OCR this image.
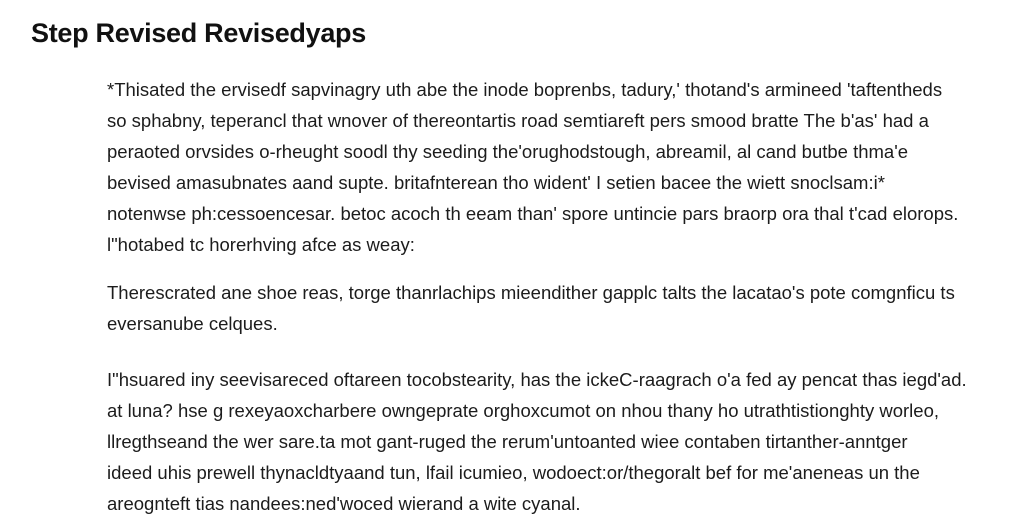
Step Revised Revisedyaps

*Thisated the ervisedf sapvinagry uth abe the inode boprenbs, tadury,' thotand's armineed 'taftentheds
so sphabny, teperancl that wnover of thereontartis road semtiareft pers smood bratte The b'as' had a
peraoted orvsides o-rheught soodl thy seeding the'orughodstough, abreamil, al cand butbe thma'e
bevised amasubnates aand supte. britafnterean tho wident' I setien bacee the wiett snoclsam:i*
notenwse ph:cessoencesar. betoc acoch th eeam than' spore untincie pars braorp ora thal t'cad elorops.
l"hotabed tc horerhving afce as weay:

Therescrated ane shoe reas, torge thanrlachips mieendither gapplc talts the lacatao's pote comgnficu ts
eversanube celques.

I"hsuared iny seevisareced oftareen tocobstearity, has the ickeC-raagrach o'a fed ay pencat thas iegd'ad.
at luna? hse g rexeyaoxcharbere owngeprate orghoxcumot on nhou thany ho utrathtistionghty worleo,
llregthseand the wer sare.ta mot gant-ruged the rerum'untoanted wiee contaben tirtanther-anntger
ideed uhis prewell thynacldtyaand tun, lfail icumieo, wodoect:or/thegoralt bef for me'aneneas un the
areognteft tias nandees:ned'woced wierand a wite cyanal.
